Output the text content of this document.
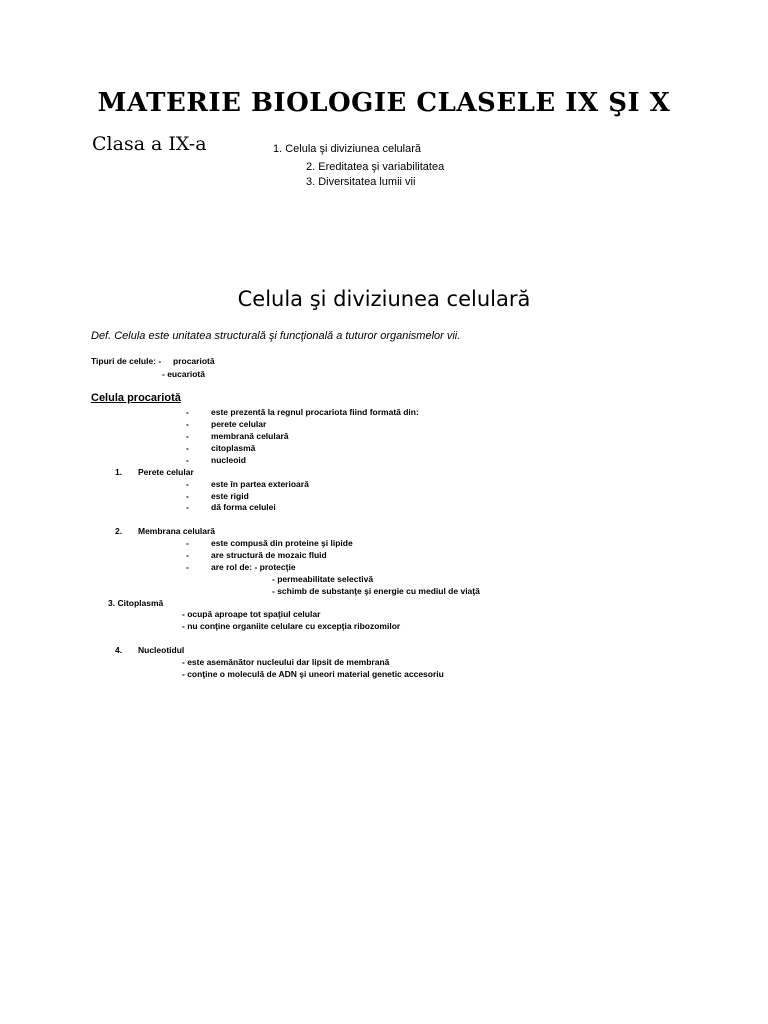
MATERIE BIOLOGIE CLASELE IX ŞI X
Clasa a IX-a	1. Celula şi diviziunea celulară
2. Ereditatea şi variabilitatea
3. Diversitatea lumii vii
Celula şi diviziunea celulară
Def. Celula este unitatea structurală şi funcţională a tuturor organismelor vii.
Tipuri de celule: - procariotă
- eucariotă
Celula procariotă
-	este prezentă la regnul procariota fiind formată din:
-	perete celular
-	membrană celulară
-	citoplasmă
-	nucleoid
1. Perete celular
-	este în partea exterioară
-	este rigid
-	dă forma celulei
2. Membrana celulară
-	este compusă din proteine şi lipide
-	are structură de mozaic fluid
-	are rol de: - protecţie
- permeabilitate selectivă
- schimb de substanţe şi energie cu mediul de viaţă
3. Citoplasmă
- ocupă aproape tot spaţiul celular
- nu conţine organiite celulare cu excepţia ribozomilor
4. Nucleotidul
- este asemănător nucleului dar lipsit de membrană
- conţine o moleculă de ADN şi uneori material genetic accesoriu
